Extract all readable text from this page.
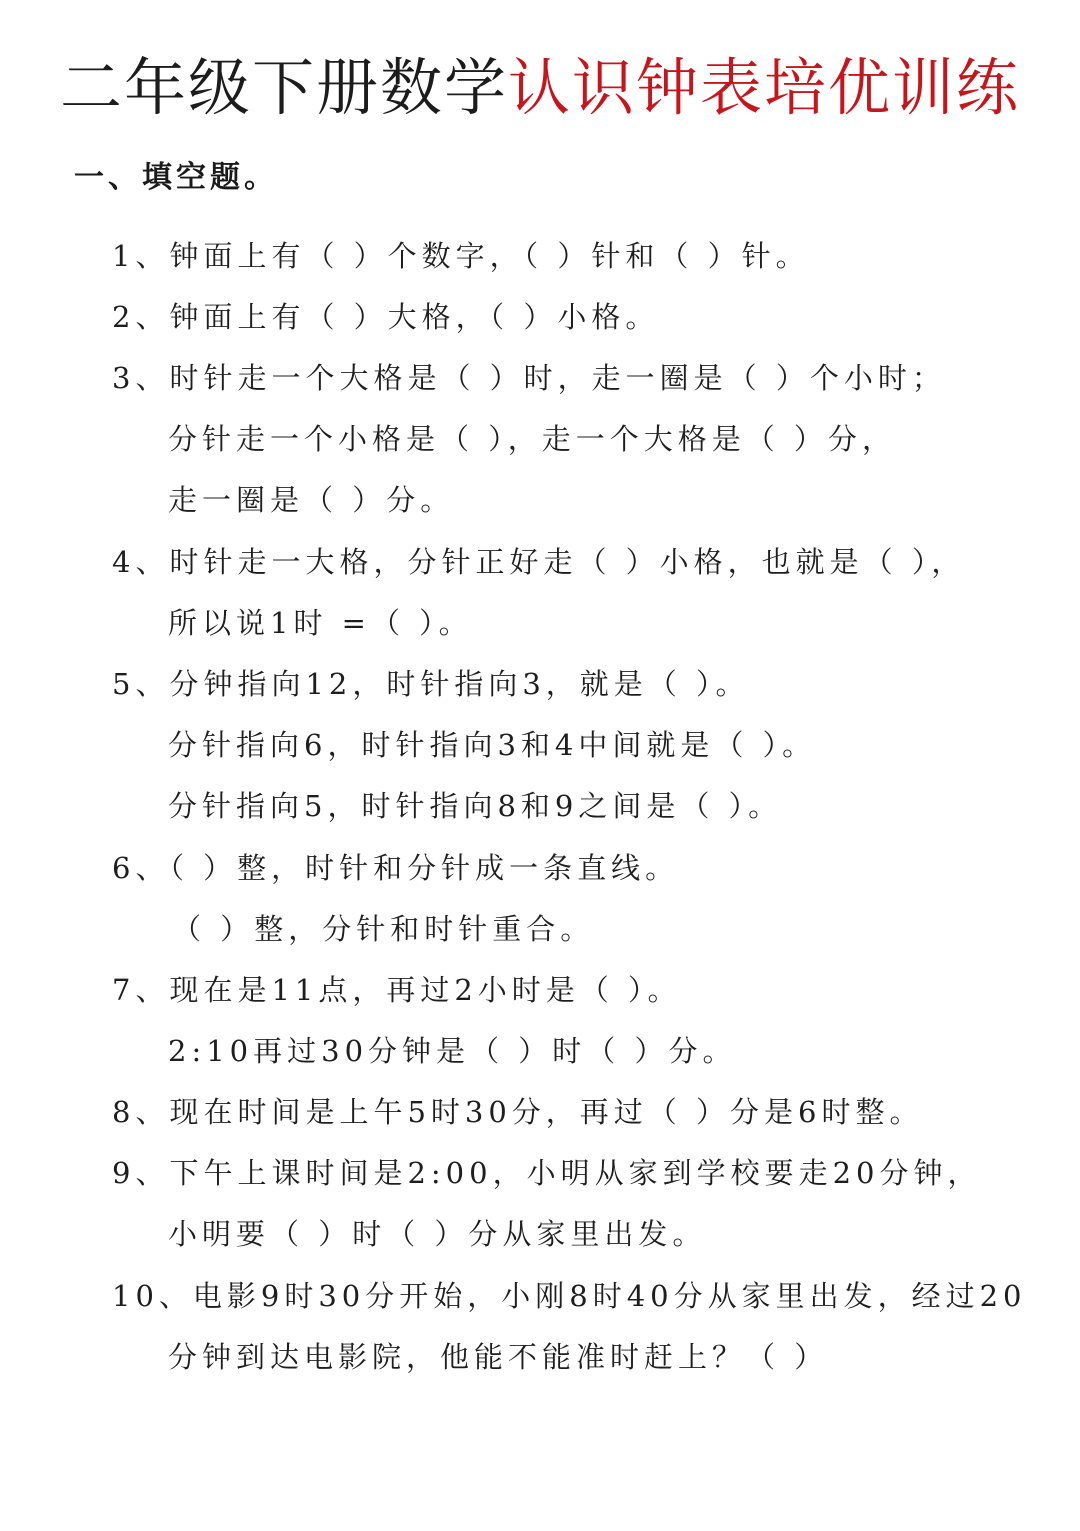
二年级下册数学认识钟表培优训练
一、填空题。
1、钟面上有（ ）个数字，（ ）针和（ ）针。
2、钟面上有（ ）大格，（ ）小格。
3、时针走一个大格是（ ）时，走一圈是（ ）个小时；
分针走一个小格是（ ），走一个大格是（ ）分，
走一圈是（ ）分。
4、时针走一大格，分针正好走（ ）小格，也就是（ ），
所以说1时 =（ ）。
5、分钟指向12，时针指向3，就是（ ）。
分针指向6，时针指向3和4中间就是（ ）。
分针指向5，时针指向8和9之间是（ ）。
6、（ ）整，时针和分针成一条直线。
（ ）整，分针和时针重合。
7、现在是11点，再过2小时是（ ）。
2:10再过30分钟是（ ）时（ ）分。
8、现在时间是上午5时30分，再过（ ）分是6时整。
9、下午上课时间是2:00，小明从家到学校要走20分钟，
小明要（ ）时（ ）分从家里出发。
10、电影9时30分开始，小刚8时40分从家里出发，经过20
分钟到达电影院，他能不能准时赶上？（ ）
